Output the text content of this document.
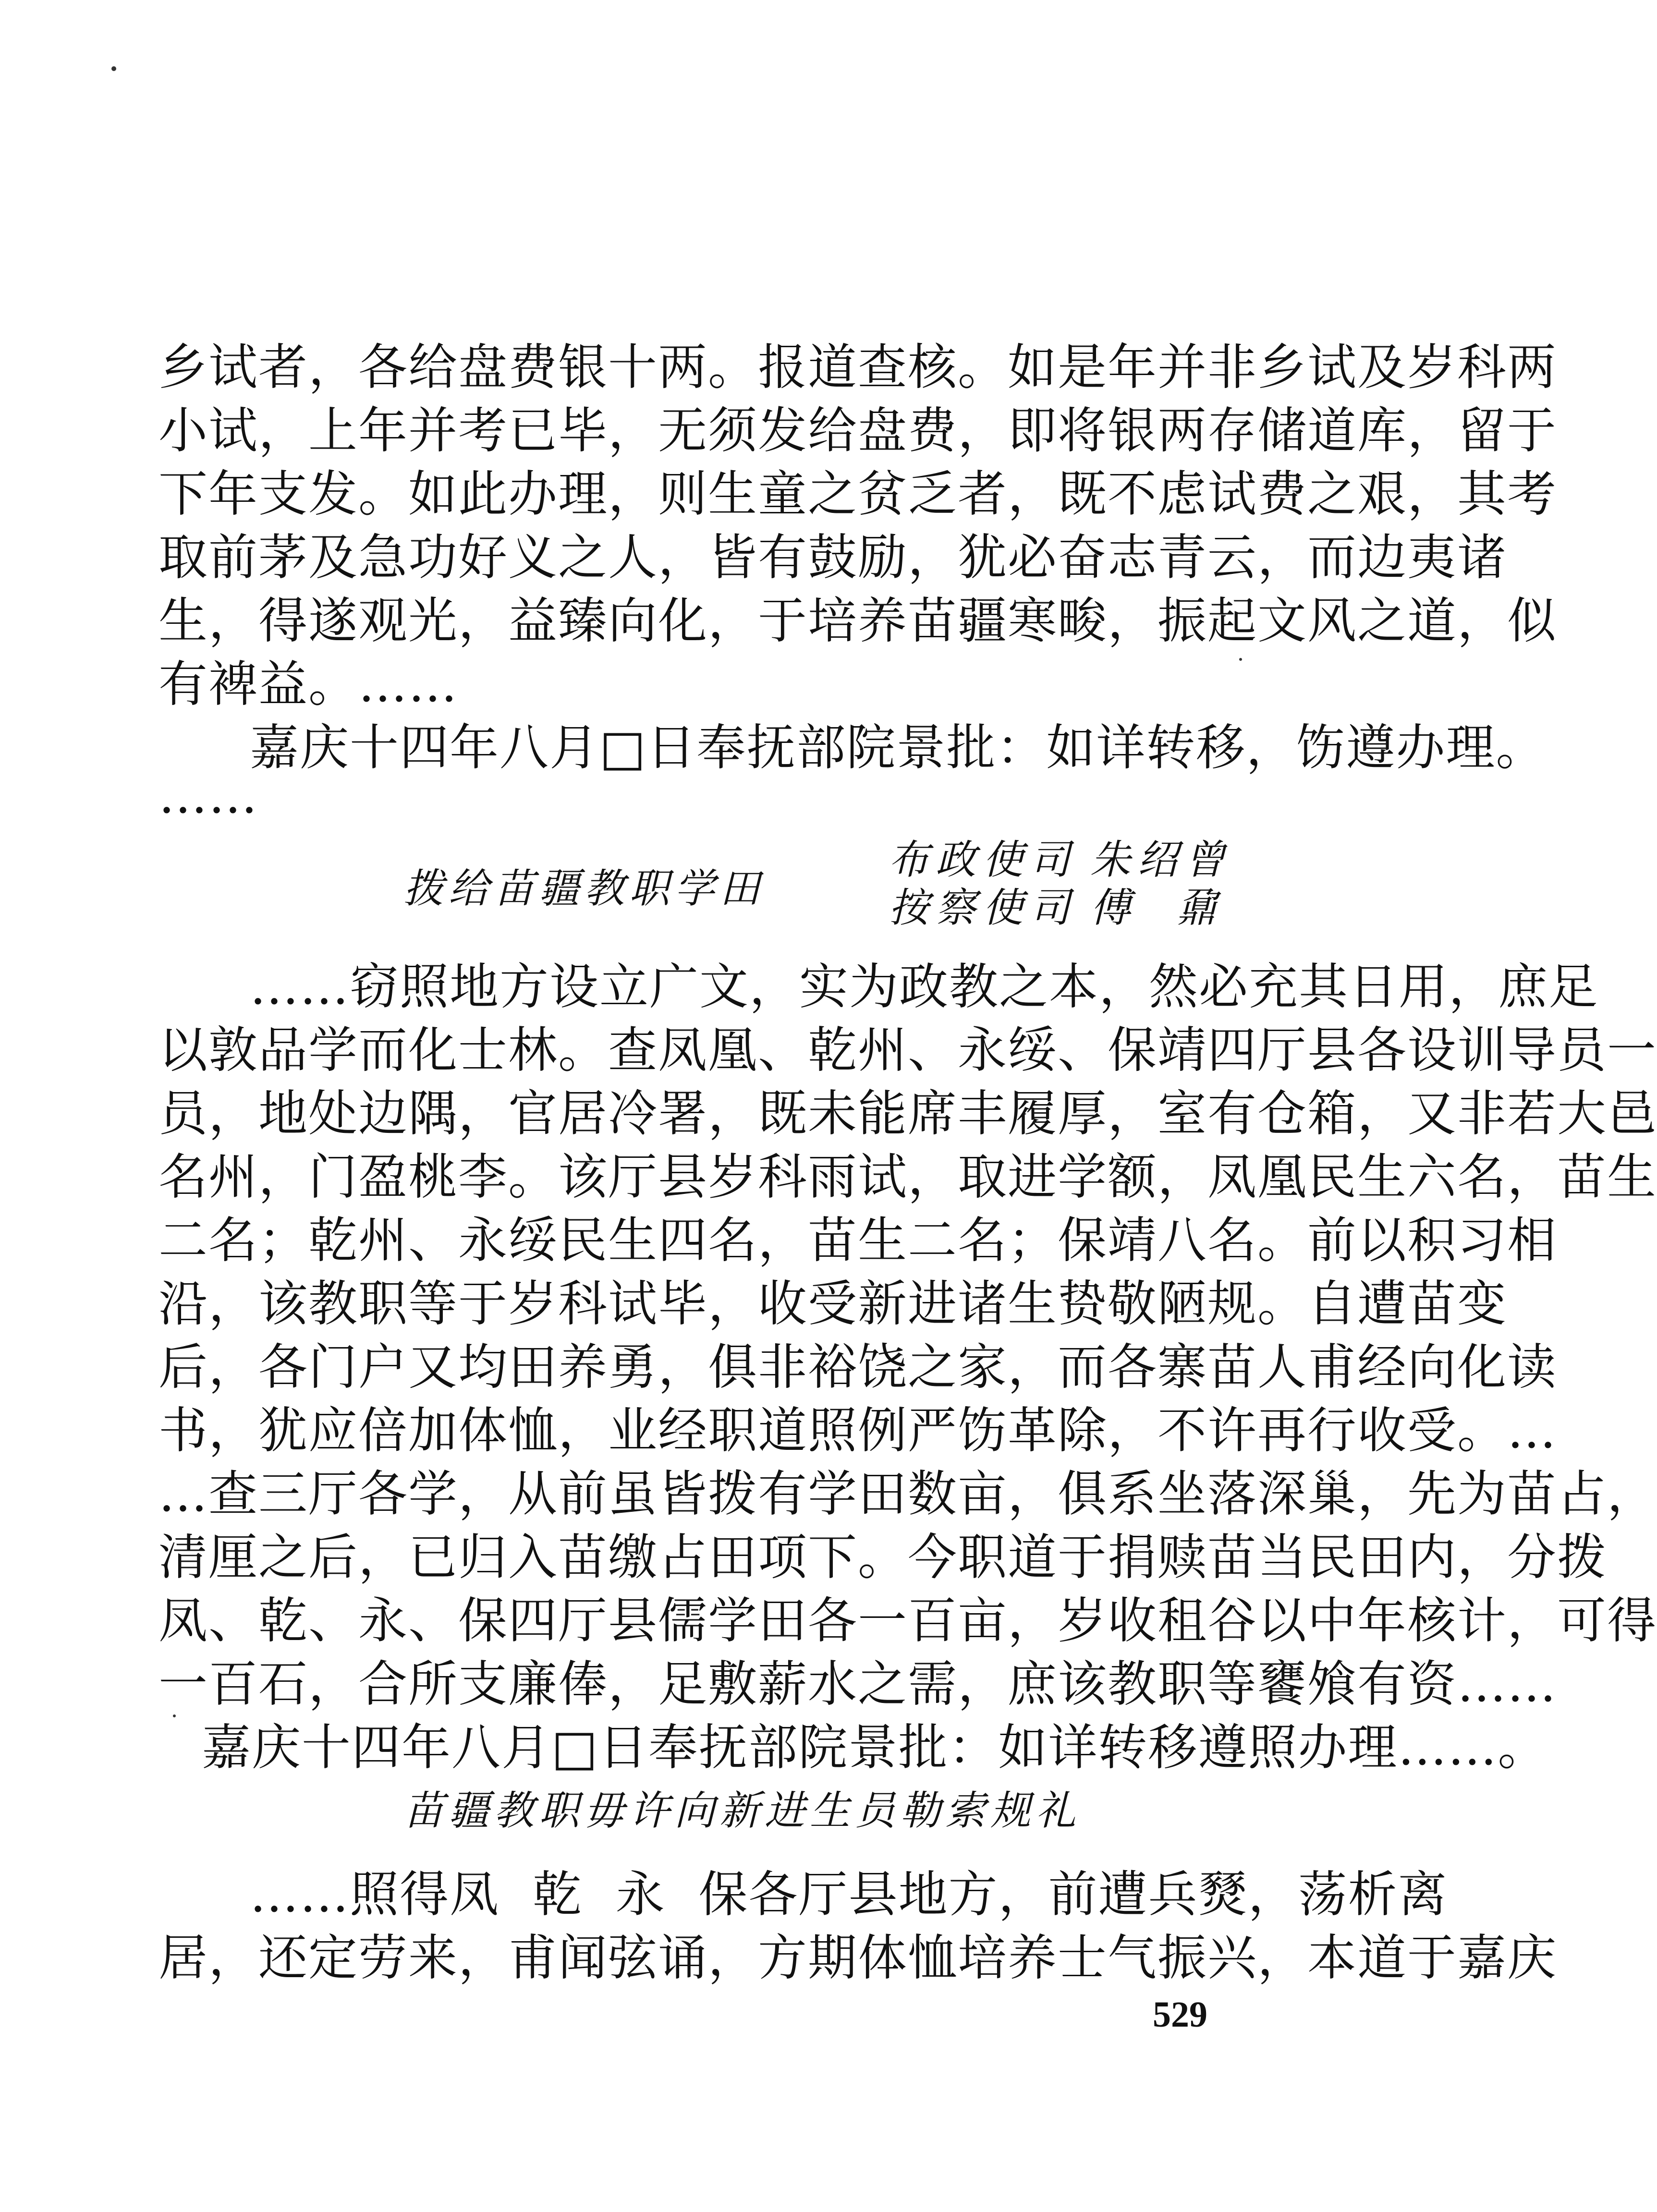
乡试者，各给盘费银十两。报道查核。如是年并非乡试及岁科两
小试，上年并考已毕，无须发给盘费，即将银两存储道库，留于
下年支发。如此办理，则生童之贫乏者，既不虑试费之艰，其考
取前茅及急功好义之人，皆有鼓励，犹必奋志青云，而边夷诸
生，得遂观光，益臻向化，于培养苗疆寒畯，振起文风之道，似
有裨益。……
嘉庆十四年八月□日奉抚部院景批：如详转移，饬遵办理。
……
拨给苗疆教职学田
布政使司 朱绍曾
按察使司 傅  鼐
……窃照地方设立广文，实为政教之本，然必充其日用，庶足
以敦品学而化士林。查凤凰、乾州、永绥、保靖四厅县各设训导员一
员，地处边隅，官居冷署，既未能席丰履厚，室有仓箱，又非若大邑
名州，门盈桃李。该厅县岁科雨试，取进学额，凤凰民生六名，苗生
二名；乾州、永绥民生四名，苗生二名；保靖八名。前以积习相
沿，该教职等于岁科试毕，收受新进诸生贽敬陋规。自遭苗变
后，各门户又均田养勇，俱非裕饶之家，而各寨苗人甫经向化读
书，犹应倍加体恤，业经职道照例严饬革除，不许再行收受。…
…查三厅各学，从前虽皆拨有学田数亩，俱系坐落深巢，先为苗占，
清厘之后，已归入苗缴占田项下。今职道于捐赎苗当民田内，分拨
凤、乾、永、保四厅县儒学田各一百亩，岁收租谷以中年核计，可得
一百石，合所支廉俸，足敷薪水之需，庶该教职等饔飧有资……
嘉庆十四年八月□日奉抚部院景批：如详转移遵照办理……。
苗疆教职毋许向新进生员勒索规礼
……照得凤  乾  永  保各厅县地方，前遭兵燹，荡析离
居，还定劳来，甫闻弦诵，方期体恤培养士气振兴，本道于嘉庆
529
